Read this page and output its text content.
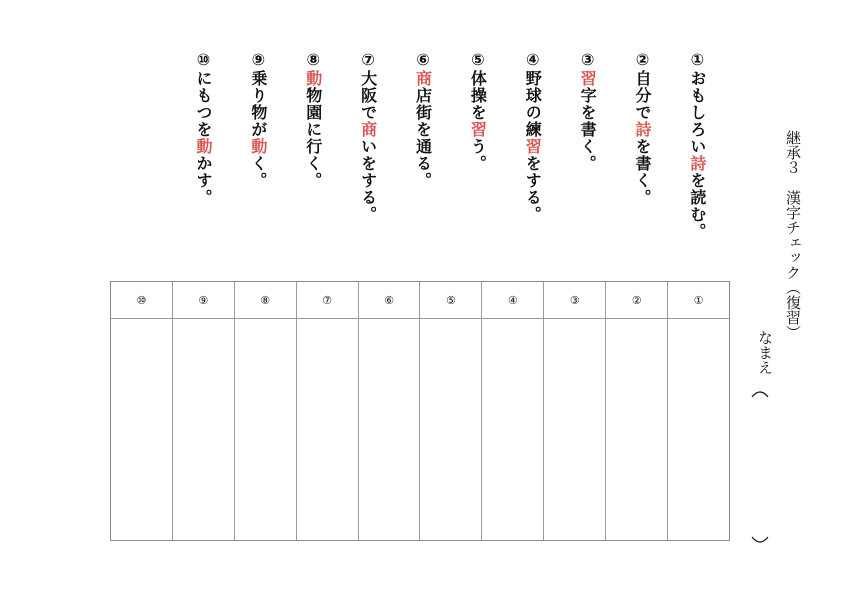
継承３　漢字チェック（復習）
なまえ
①おもしろい詩を読む。
②自分で詩を書く。
③習字を書く。
④野球の練習をする。
⑤体操を習う。
⑥商店街を通る。
⑦大阪で商いをする。
⑧動物園に行く。
⑨乗り物が動く。
⑩にもつを動かす。
①
②
③
④
⑤
⑥
⑦
⑧
⑨
⑩
